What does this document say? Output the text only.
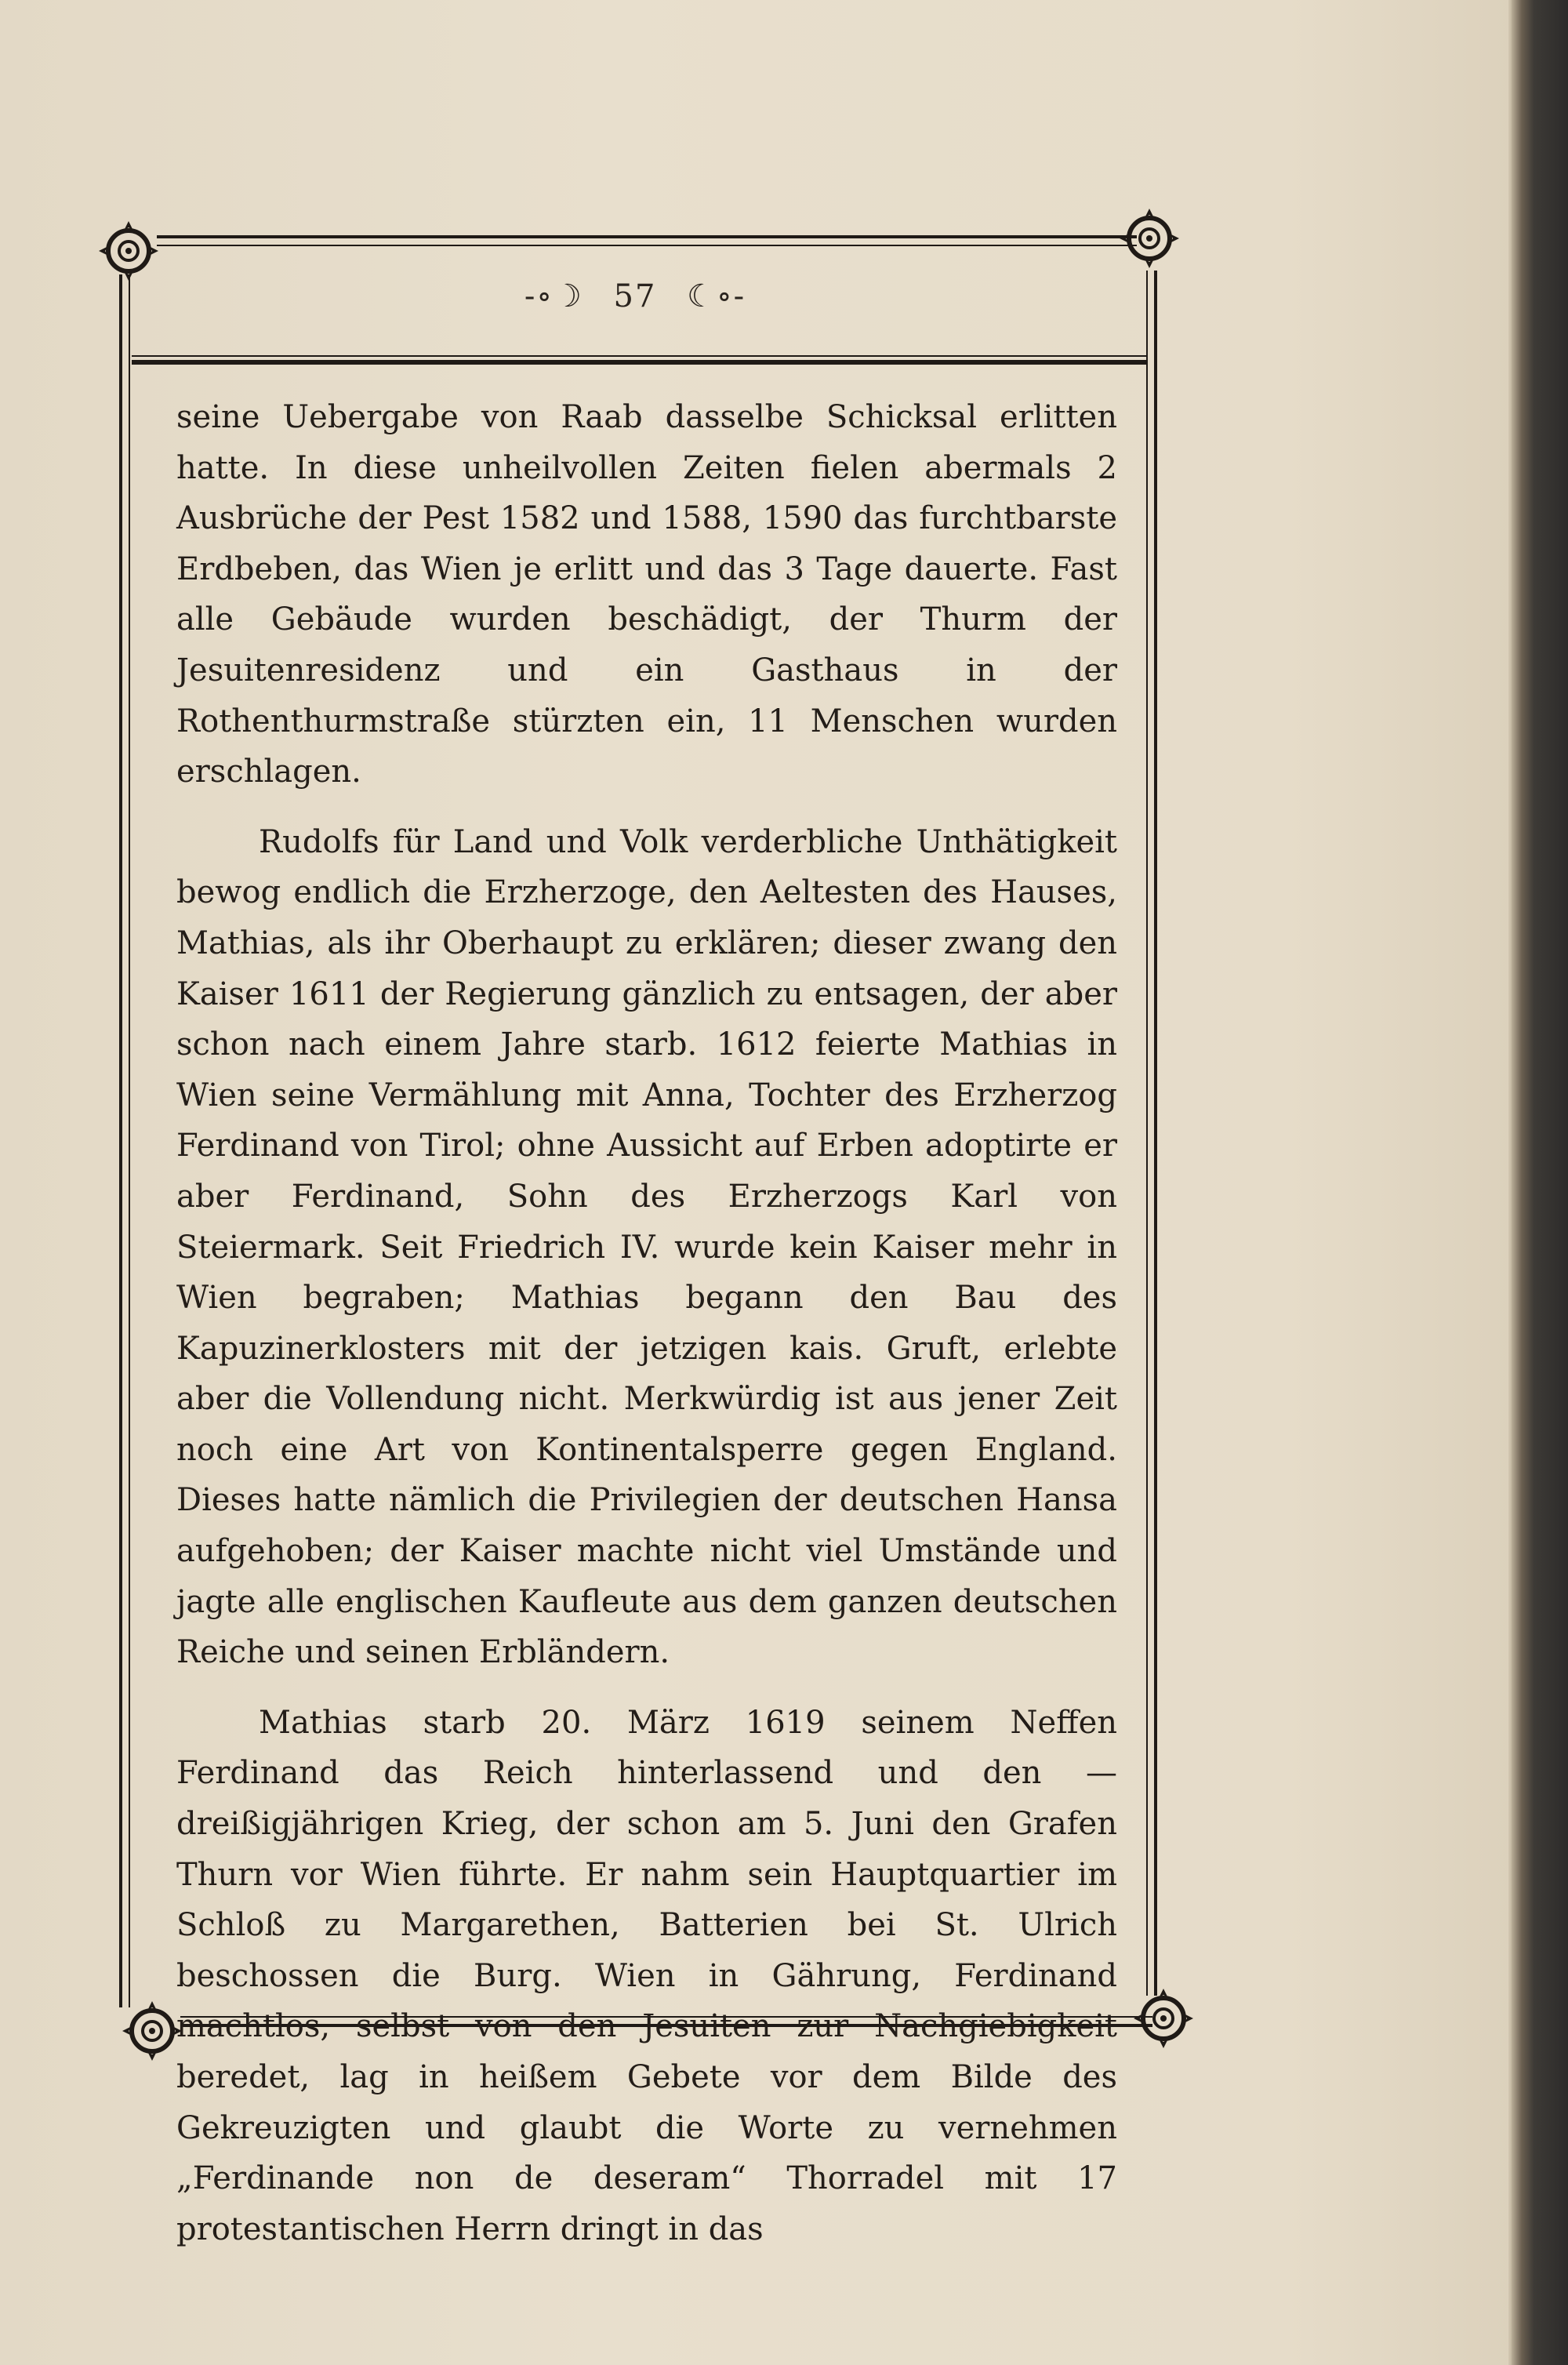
-∘☽ 57 ☾∘-

seine Uebergabe von Raab dasselbe Schicksal erlitten hatte. In diese unheilvollen Zeiten fielen abermals 2 Ausbrüche der Pest 1582 und 1588, 1590 das furchtbarste Erdbeben, das Wien je erlitt und das 3 Tage dauerte. Fast alle Gebäude wurden beschädigt, der Thurm der Jesuitenresidenz und ein Gasthaus in der Rothenthurmstraße stürzten ein, 11 Menschen wurden erschlagen.

Rudolfs für Land und Volk verderbliche Unthätigkeit bewog endlich die Erzherzoge, den Aeltesten des Hauses, Mathias, als ihr Oberhaupt zu erklären; dieser zwang den Kaiser 1611 der Regierung gänzlich zu entsagen, der aber schon nach einem Jahre starb. 1612 feierte Mathias in Wien seine Vermählung mit Anna, Tochter des Erzherzog Ferdinand von Tirol; ohne Aussicht auf Erben adoptirte er aber Ferdinand, Sohn des Erzherzogs Karl von Steiermark. Seit Friedrich IV. wurde kein Kaiser mehr in Wien begraben; Mathias begann den Bau des Kapuzinerklosters mit der jetzigen kais. Gruft, erlebte aber die Vollendung nicht. Merkwürdig ist aus jener Zeit noch eine Art von Kontinentalsperre gegen England. Dieses hatte nämlich die Privilegien der deutschen Hansa aufgehoben; der Kaiser machte nicht viel Umstände und jagte alle englischen Kaufleute aus dem ganzen deutschen Reiche und seinen Erbländern.

Mathias starb 20. März 1619 seinem Neffen Ferdinand das Reich hinterlassend und den — dreißigjährigen Krieg, der schon am 5. Juni den Grafen Thurn vor Wien führte. Er nahm sein Hauptquartier im Schloß zu Margarethen, Batterien bei St. Ulrich beschossen die Burg. Wien in Gährung, Ferdinand machtlos, selbst von den Jesuiten zur Nachgiebigkeit beredet, lag in heißem Gebete vor dem Bilde des Gekreuzigten und glaubt die Worte zu vernehmen „Ferdinande non de deseram“ Thorradel mit 17 protestantischen Herrn dringt in das
